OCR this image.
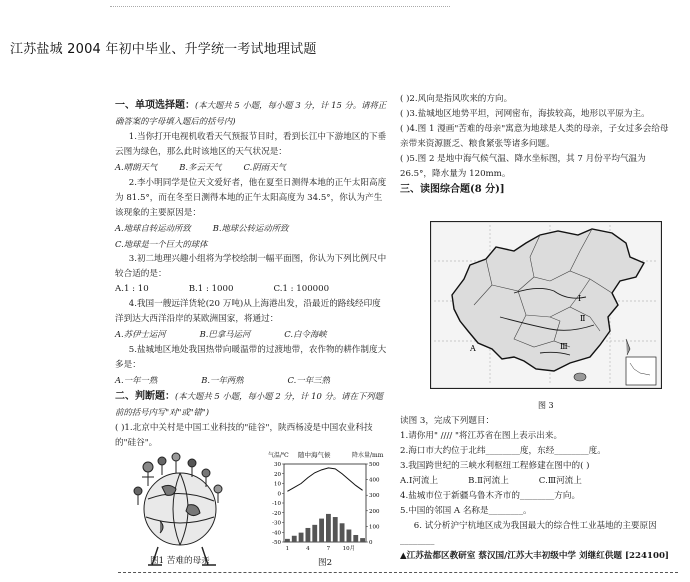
江苏盐城 2004 年初中毕业、升学统一考试地理试题

一、单项选择题：(本大题共 5 小题，每小题 3 分，计 15 分。请将正确答案的字母填入题后的括号内)

1.当你打开电视机收看天气预报节目时，看到长江中下游地区的下垂云图为绿色，那么此时该地区的天气状况是：

A.晴朗天气	B.多云天气	C.阴雨天气

2.李小明同学是位天文爱好者，他在夏至日测得本地的正午太阳高度为 81.5°，而在冬至日测得本地的正午太阳高度为 34.5°，你认为产生该现象的主要原因是：

A.地球自转运动所致	B.地球公转运动所致

C.地球是一个巨大的球体

3.初二地理兴趣小组将为学校绘制一幅平面图，你认为下列比例尺中较合适的是：

A.1 : 10	B.1 : 1000	C.1 : 100000

4.我国一艘远洋货轮(20 万吨)从上海港出发，沿最近的路线经印度洋到达大西洋沿岸的某欧洲国家，将通过：

A.苏伊士运河	B.巴拿马运河	C.白令海峡

5.盐城地区地处我国热带向暖温带的过渡地带，农作物的耕作制度大多是：

A.一年一熟	B.一年两熟	C.一年三熟

二、判断题：(本大题共 5 小题，每小题 2 分，计 10 分。请在下列题前的括号内写"对"或"错")

( )1.北京中关村是中国工业科技的"硅谷"，陕西杨凌是中国农业科技的"硅谷"。

图1 苦难的母亲
气温/℃ 随中海气候	降水量/mm
30
20
10
0
-10
-20
-30
-40
-50
500
400
300
200
100
0
1	4	7 10月
图2

( )2.风向是指风吹来的方向。

( )3.盐城地区地势平坦，河网密布，海拔较高，地形以平原为主。

( )4.图 1 漫画"苦难的母亲"寓意为地球是人类的母亲，子女过多会给母亲带来资源匮乏、粮食紧张等诸多问题。

( )5.图 2 是地中海气候气温、降水坐标图，其 7 月份平均气温为 26.5°，降水量为 120mm。

三、读图综合题(8 分)]

Ⅰ
Ⅱ
Ⅲ
A
图 3

读图 3，完成下列题目：

1.请你用" //// "将江苏省在图上表示出来。

2.海口市大约位于北纬________度，东经________度。

3.我国跨世纪的三峡水利枢纽工程修建在图中的( )

A.Ⅰ河流上	B.Ⅱ河流上	C.Ⅲ河流上

4.盐城市位于新疆乌鲁木齐市的________方向。

5.中国的邻国 A 名称是________。

6. 试分析沪宁杭地区成为我国最大的综合性工业基地的主要原因________

▲江苏盐都区教研室 蔡汉国/江苏大丰初级中学 刘继红供题 [224100]
